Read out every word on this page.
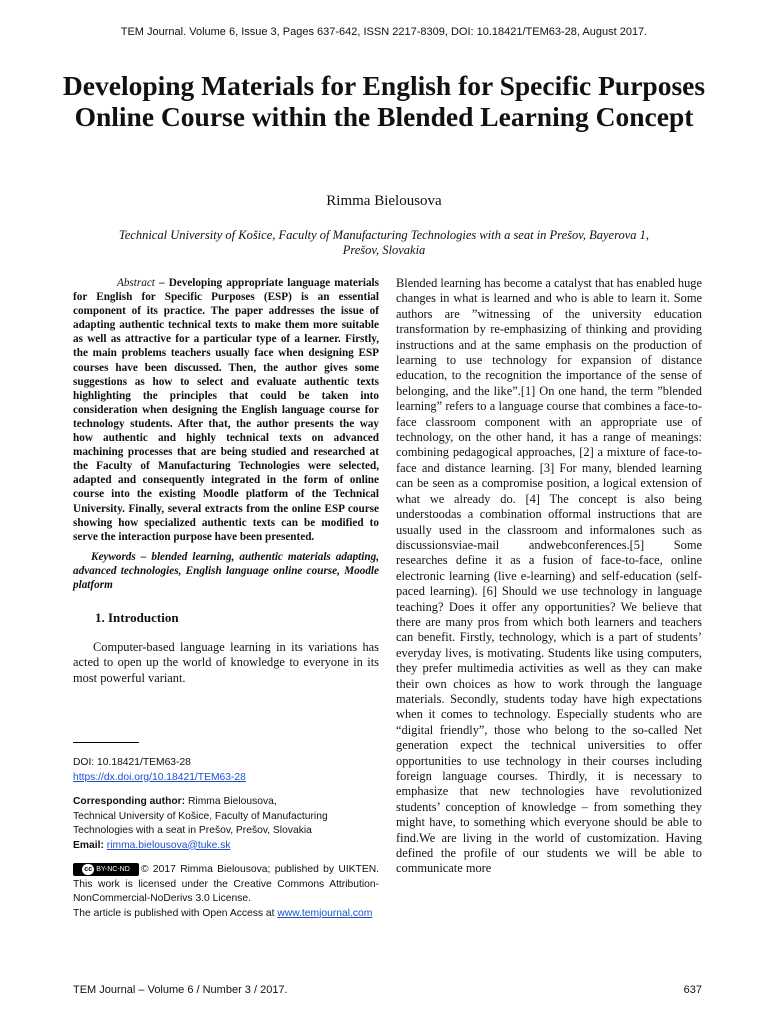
TEM Journal. Volume 6, Issue 3, Pages 637-642, ISSN 2217-8309, DOI: 10.18421/TEM63-28, August 2017.
Developing Materials for English for Specific Purposes Online Course within the Blended Learning Concept
Rimma Bielousova
Technical University of Košice, Faculty of Manufacturing Technologies with a seat in Prešov, Bayerova 1, Prešov, Slovakia

Abstract – Developing appropriate language materials for English for Specific Purposes (ESP) is an essential component of its practice. The paper addresses the issue of adapting authentic technical texts to make them more suitable as well as attractive for a particular type of a learner. Firstly, the main problems teachers usually face when designing ESP courses have been discussed. Then, the author gives some suggestions as how to select and evaluate authentic texts highlighting the principles that could be taken into consideration when designing the English language course for technology students. After that, the author presents the way how authentic and highly technical texts on advanced machining processes that are being studied and researched at the Faculty of Manufacturing Technologies were selected, adapted and consequently integrated in the form of online course into the existing Moodle platform of the Technical University. Finally, several extracts from the online ESP course showing how specialized authentic texts can be modified to serve the interaction purpose have been presented.

Keywords – blended learning, authentic materials adapting, advanced technologies, English language online course, Moodle platform

1. Introduction

Computer-based language learning in its variations has acted to open up the world of knowledge to everyone in its most powerful variant.

DOI: 10.18421/TEM63-28

https://dx.doi.org/10.18421/TEM63-28

Corresponding author: Rimma Bielousova,

Technical University of Košice, Faculty of Manufacturing Technologies with a seat in Prešov, Prešov, Slovakia

Email: rimma.bielousova@tuke.sk

cc BY-NC-ND © 2017 Rimma Bielousova; published by UIKTEN. This work is licensed under the Creative Commons Attribution-NonCommercial-NoDerivs 3.0 License.

The article is published with Open Access at www.temjournal.com

Blended learning has become a catalyst that has enabled huge changes in what is learned and who is able to learn it. Some authors are ”witnessing of the university education transformation by re-emphasizing of thinking and providing instructions and at the same emphasis on the production of learning to use technology for expansion of distance education, to the recognition the importance of the sense of belonging, and the like”.[1] On one hand, the term ”blended learning” refers to a language course that combines a face-to-face classroom component with an appropriate use of technology, on the other hand, it has a range of meanings: combining pedagogical approaches, [2] a mixture of face-to-face and distance learning. [3] For many, blended learning can be seen as a compromise position, a logical extension of what we already do. [4] The concept is also being understoodas a combination offormal instructions that are usually used in the classroom and informalones such as discussionsviae-mail andwebconferences.[5] Some researches define it as a fusion of face-to-face, online electronic learning (live e-learning) and self-education (self-paced learning). [6] Should we use technology in language teaching? Does it offer any opportunities? We believe that there are many pros from which both learners and teachers can benefit. Firstly, technology, which is a part of students’ everyday lives, is motivating. Students like using computers, they prefer multimedia activities as well as they can make their own choices as how to work through the language materials. Secondly, students today have high expectations when it comes to technology. Especially students who are “digital friendly”, those who belong to the so-called Net generation expect the technical universities to offer opportunities to use technology in their courses including foreign language courses. Thirdly, it is necessary to emphasize that new technologies have revolutionized students’ conception of knowledge – from something they might have, to something which everyone should be able to find.We are living in the world of customization. Having defined the profile of our students we will be able to communicate more

TEM Journal – Volume 6 / Number 3 / 2017.	637
